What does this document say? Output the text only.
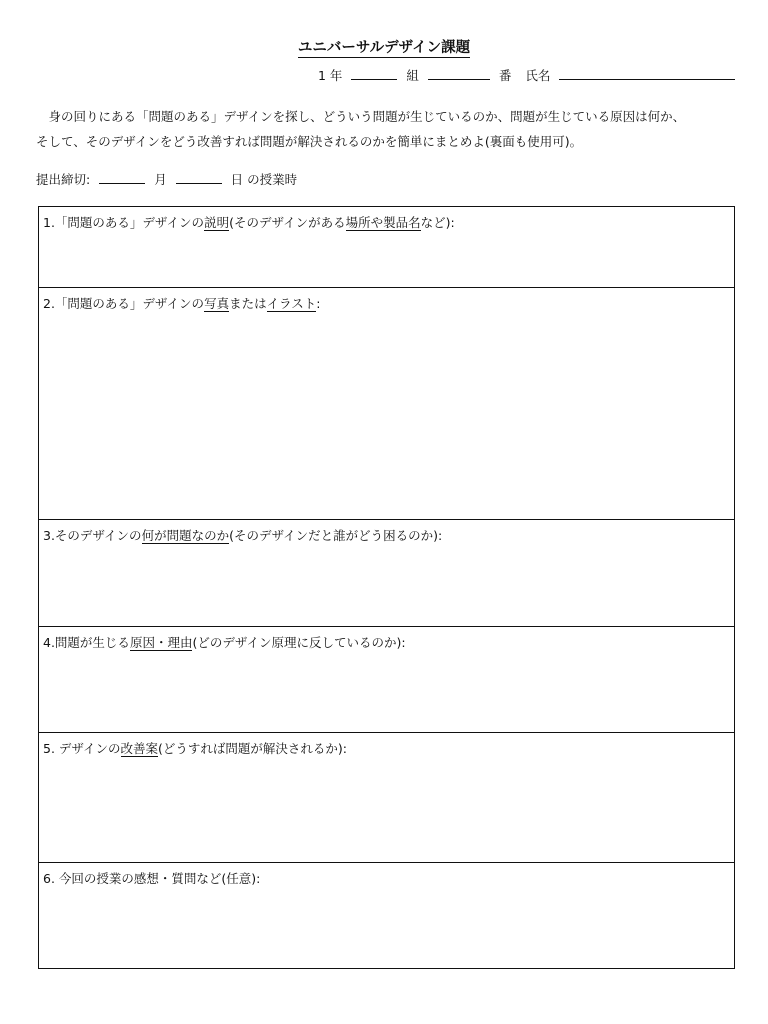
ユニバーサルデザイン課題
1 年	組	番 氏名

　身の回りにある「問題のある」デザインを探し、どういう問題が生じているのか、問題が生じている原因は何か、

そして、そのデザインをどう改善すれば問題が解決されるのかを簡単にまとめよ(裏面も使用可)。

提出締切:	月	日 の授業時
1.「問題のある」デザインの説明(そのデザインがある場所や製品名など):
2.「問題のある」デザインの写真またはイラスト:
3.そのデザインの何が問題なのか(そのデザインだと誰がどう困るのか):
4.問題が生じる原因・理由(どのデザイン原理に反しているのか):
5. デザインの改善案(どうすれば問題が解決されるか):
6. 今回の授業の感想・質問など(任意):
